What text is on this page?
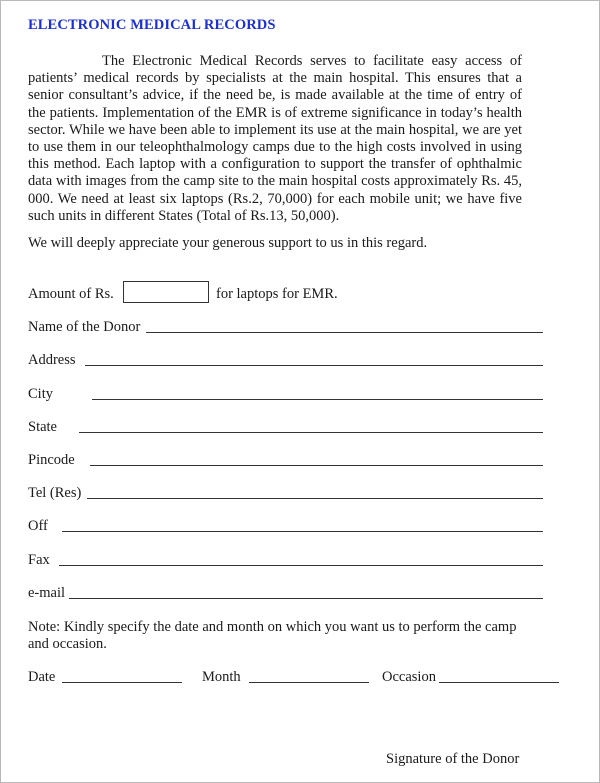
ELECTRONIC MEDICAL RECORDS

The Electronic Medical Records serves to facilitate easy access of patients’ medical records by specialists at the main hospital. This ensures that a senior consultant’s advice, if the need be, is made available at the time of entry of the patients. Implementation of the EMR is of extreme significance in today’s health sector. While we have been able to implement its use at the main hospital, we are yet to use them in our teleophthalmology camps due to the high costs involved in using this method. Each laptop with a configuration to support the transfer of ophthalmic data with images from the camp site to the main hospital costs approximately Rs. 45, 000. We need at least six laptops (Rs.2, 70,000) for each mobile unit; we have five such units in different States (Total of Rs.13, 50,000).

We will deeply appreciate your generous support to us in this regard.

Amount of Rs.	for laptops for EMR.
Name of the Donor
Address
City
State
Pincode
Tel (Res)
Off
Fax
e-mail

Note: Kindly specify the date and month on which you want us to perform the camp and occasion.

Date	Month	Occasion
Signature of the Donor
